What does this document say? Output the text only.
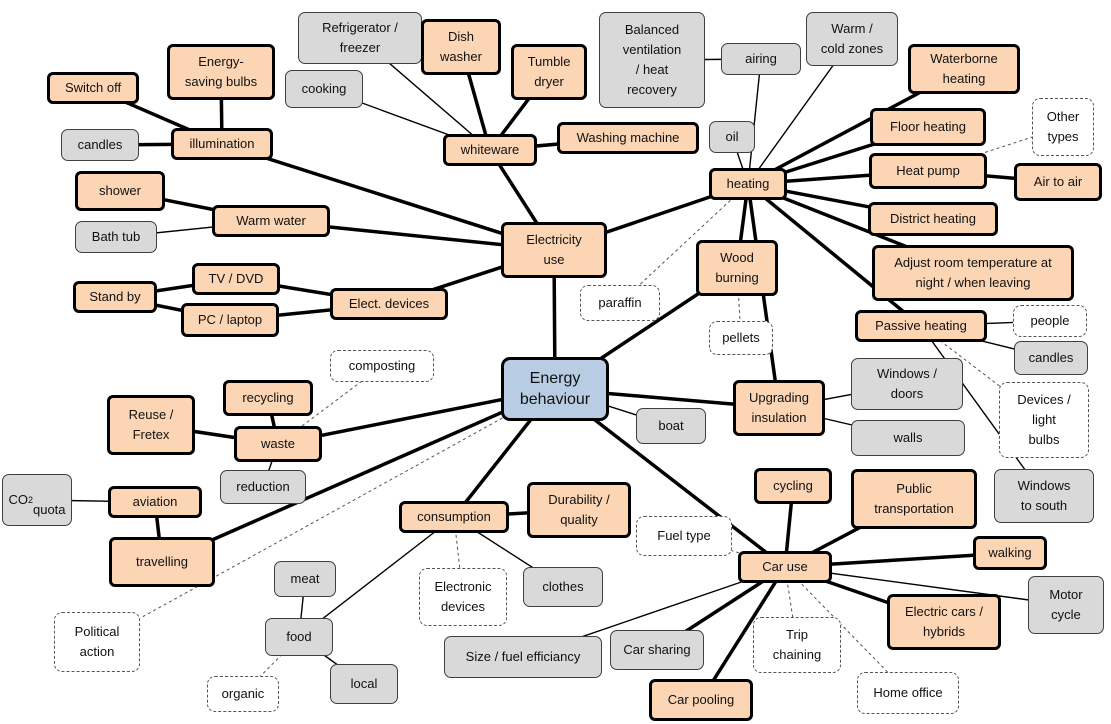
Energy
behaviour
Electricity
use
heating
Wood
burning
pellets
paraffin
Upgrading
insulation
Windows /
doors
walls
boat
Car use
consumption
waste
travelling
Political
action
composting
whiteware
Refrigerator /
freezer
cooking
Dish
washer	Tumble
dryer
Washing machine
illumination
Energy-
saving bulbs
Switch off
candles
Warm water
shower
Bath tub
Elect. devices
TV / DVD
PC / laptop
Stand by
Balanced
ventilation
/ heat
recovery
airing
Warm /
cold zones
Waterborne
heating
oil
Floor heating
Heat pump
Other
types
Air to air
District heating
Adjust room temperature at
night / when leaving
Passive heating	people
candles
Devices /
light
bulbs
Windows
to south
cycling	Public
transportation
walking
Motor
cycle
Electric cars /
hybrids
Home office
Trip
chaining
Car pooling
Car sharing
Size / fuel efficiancy
Fuel type
Durability /
quality
clothes
Electronic
devices
food
meat
organic
local
recycling
Reuse /
Fretex
reduction
aviation
CO 2

quota
